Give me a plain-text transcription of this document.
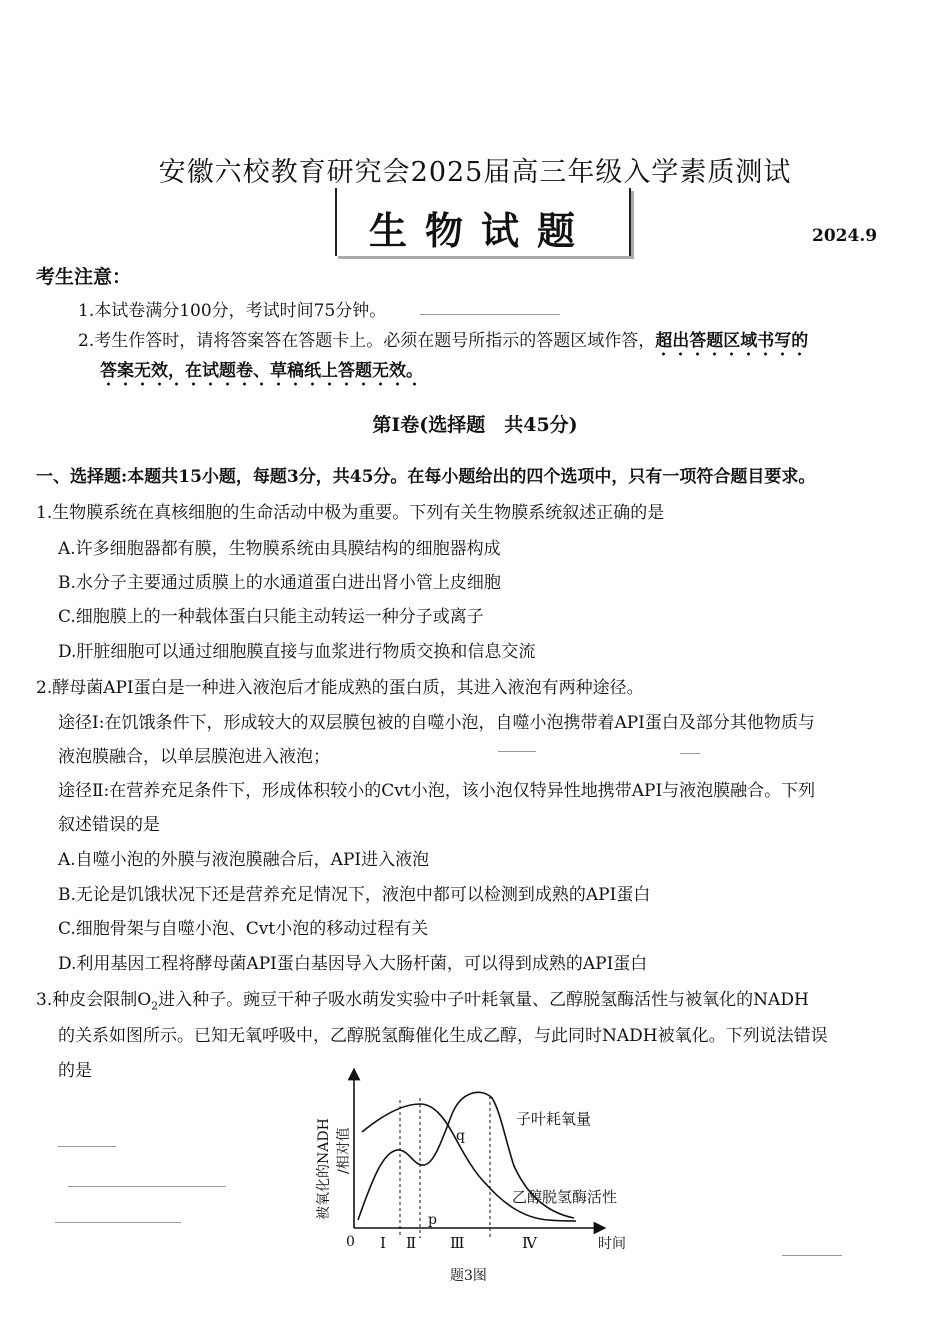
安徽六校教育研究会2025届高三年级入学素质测试
生物试题	2024.9
考生注意：
1.本试卷满分100分，考试时间75分钟。
2.考生作答时，请将答案答在答题卡上。必须在题号所指示的答题区域作答，超出答题区域书写的
答案无效，在试题卷、草稿纸上答题无效。
第Ⅰ卷(选择题　共45分)
一、选择题:本题共15小题，每题3分，共45分。在每小题给出的四个选项中，只有一项符合题目要求。
1.生物膜系统在真核细胞的生命活动中极为重要。下列有关生物膜系统叙述正确的是
A.许多细胞器都有膜，生物膜系统由具膜结构的细胞器构成
B.水分子主要通过质膜上的水通道蛋白进出肾小管上皮细胞
C.细胞膜上的一种载体蛋白只能主动转运一种分子或离子
D.肝脏细胞可以通过细胞膜直接与血浆进行物质交换和信息交流
2.酵母菌API蛋白是一种进入液泡后才能成熟的蛋白质，其进入液泡有两种途径。
途径Ⅰ:在饥饿条件下，形成较大的双层膜包被的自噬小泡，自噬小泡携带着API蛋白及部分其他物质与
液泡膜融合，以单层膜泡进入液泡；
途径Ⅱ:在营养充足条件下，形成体积较小的Cvt小泡，该小泡仅特异性地携带API与液泡膜融合。下列
叙述错误的是
A.自噬小泡的外膜与液泡膜融合后，API进入液泡
B.无论是饥饿状况下还是营养充足情况下，液泡中都可以检测到成熟的API蛋白
C.细胞骨架与自噬小泡、Cvt小泡的移动过程有关
D.利用基因工程将酵母菌API蛋白基因导入大肠杆菌，可以得到成熟的API蛋白
3.种皮会限制$O_2$进入种子。豌豆干种子吸水萌发实验中子叶耗氧量、乙醇脱氢酶活性与被氧化的NADH
的关系如图所示。已知无氧呼吸中，乙醇脱氢酶催化生成乙醇，与此同时NADH被氧化。下列说法错误
的是
被氧化的NADH /相对值
0 Ⅰ Ⅱ Ⅲ	Ⅳ	时间
q
p
子叶耗氧量
乙醇脱氢酶活性
题3图
